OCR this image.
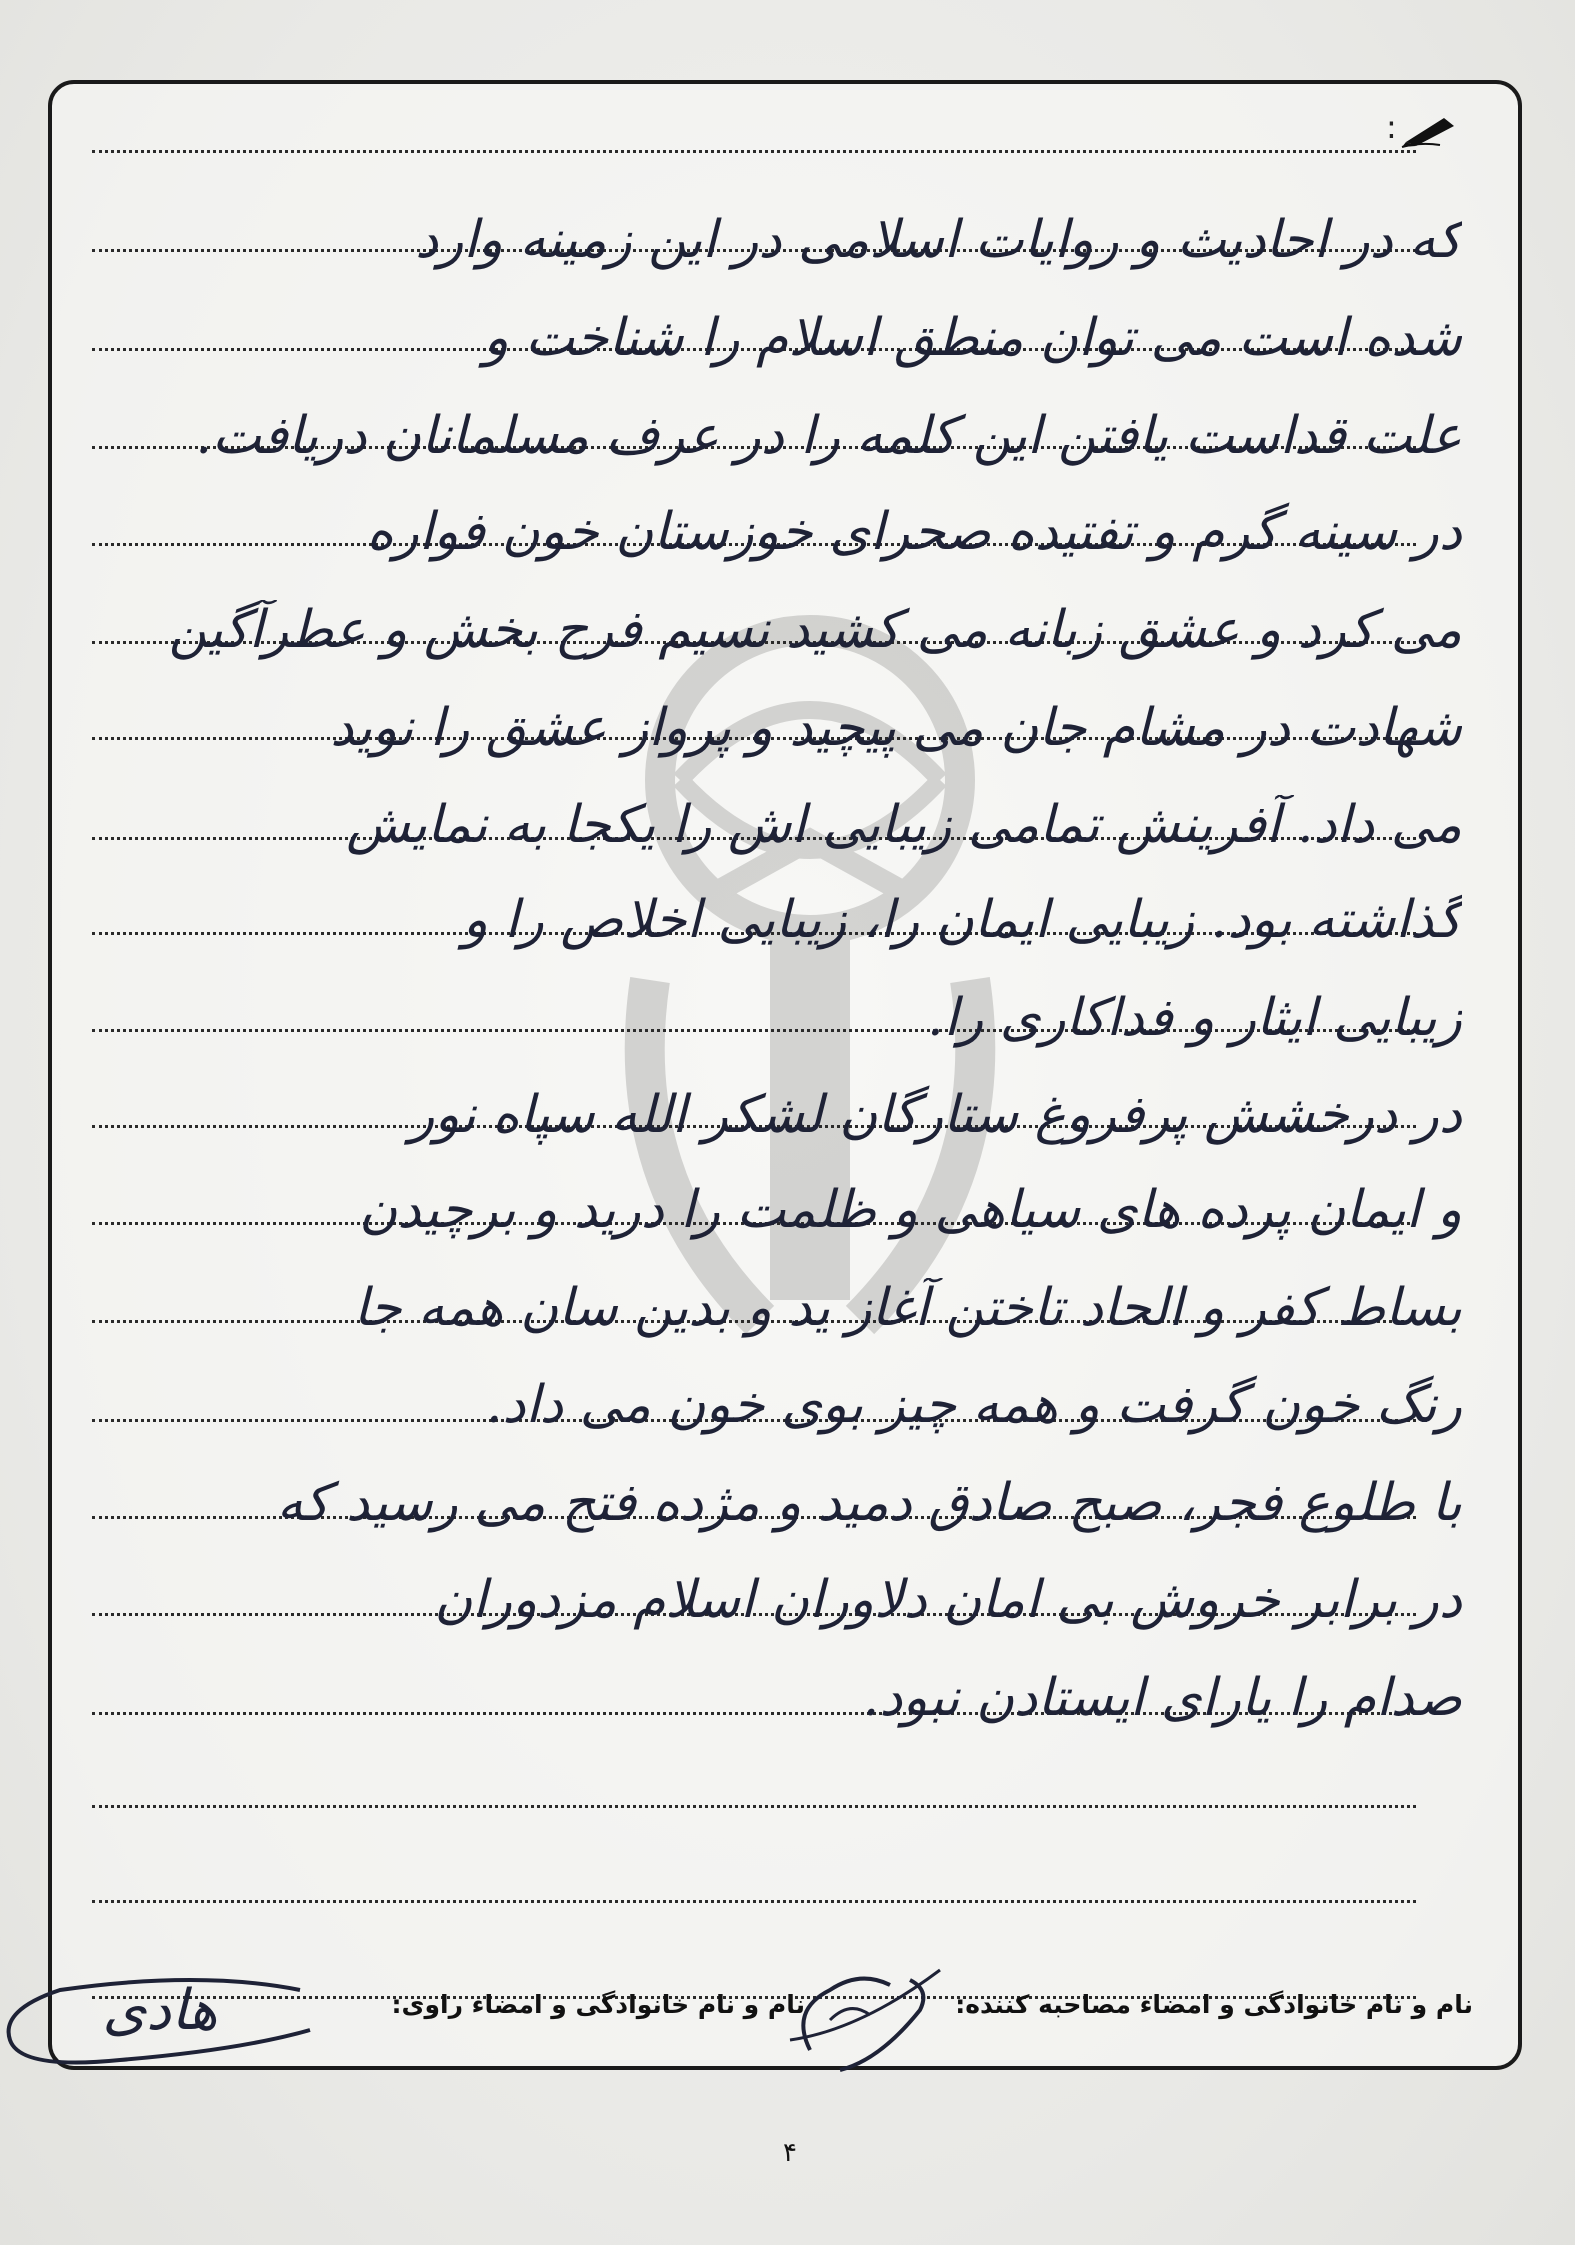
:
که در احادیث و روایات اسلامی در این زمینه وارد
شده است می توان منطق اسلام را شناخت و
علت قداست یافتن این کلمه را در عرف مسلمانان دریافت.
در سینه گرم و تفتیده صحرای خوزستان خون فواره
می کرد و عشق زبانه می کشید نسیم فرح بخش و عطرآگین
شهادت در مشام جان می پیچید و پرواز عشق را نوید
می داد. آفرینش تمامی زیبایی اش را یکجا به نمایش
گذاشته بود. زیبایی ایمان را، زیبایی اخلاص را و
زیبایی ایثار و فداکاری را.
در درخشش پرفروغ ستارگان لشکر الله سپاه نور
و ایمان پرده های سیاهی و ظلمت را درید و برچیدن
بساط کفر و الحاد تاختن آغاز ید و بدین سان همه جا
رنگ خون گرفت و همه چیز بوی خون می داد.
با طلوع فجر، صبح صادق دمید و مژده فتح می رسید که
در برابر خروش بی امان دلاوران اسلام مزدوران
صدام را یارای ایستادن نبود.
نام و نام خانوادگی و امضاء مصاحبه کننده:
نام و نام خانوادگی و امضاء راوی:
هادی
۴
